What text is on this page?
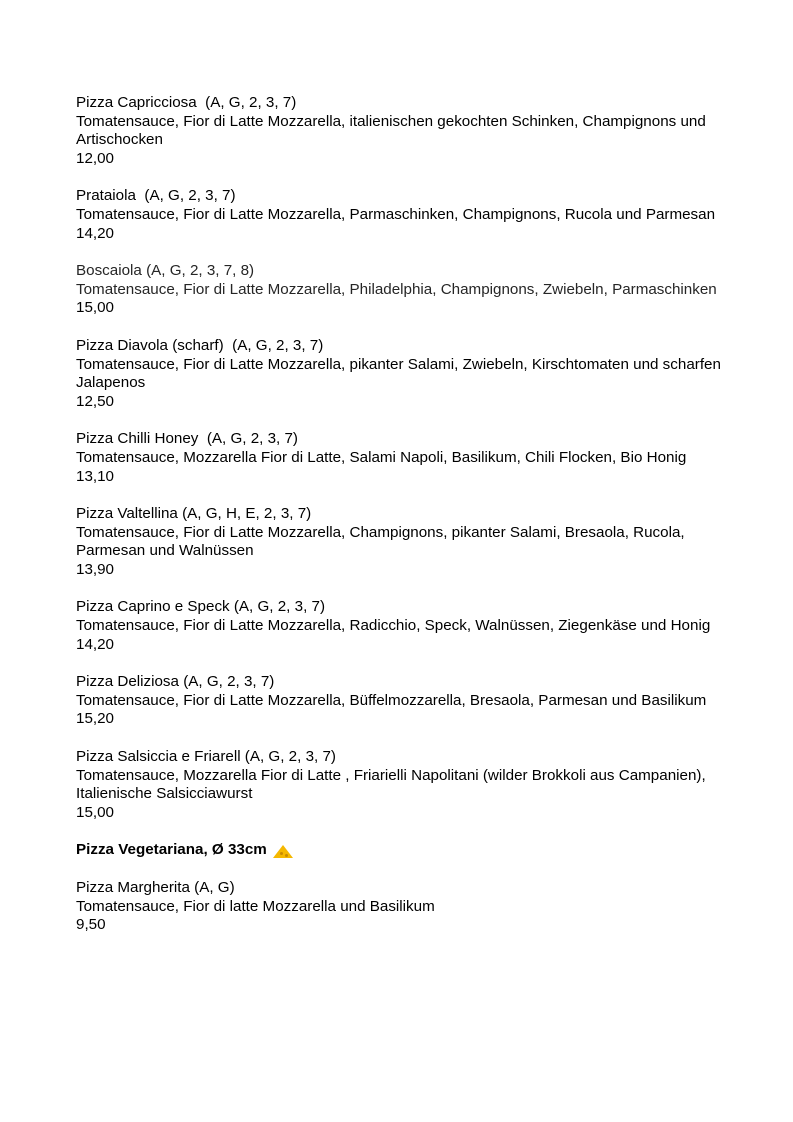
Pizza Capricciosa  (A, G, 2, 3, 7)
Tomatensauce, Fior di Latte Mozzarella, italienischen gekochten Schinken, Champignons und Artischocken
12,00
Prataiola  (A, G, 2, 3, 7)
Tomatensauce, Fior di Latte Mozzarella, Parmaschinken, Champignons, Rucola und Parmesan
14,20
Boscaiola (A, G, 2, 3, 7, 8)
Tomatensauce, Fior di Latte Mozzarella, Philadelphia, Champignons, Zwiebeln, Parmaschinken
15,00
Pizza Diavola (scharf)  (A, G, 2, 3, 7)
Tomatensauce, Fior di Latte Mozzarella, pikanter Salami, Zwiebeln, Kirschtomaten und scharfen Jalapenos
12,50
Pizza Chilli Honey  (A, G, 2, 3, 7)
Tomatensauce, Mozzarella Fior di Latte, Salami Napoli, Basilikum, Chili Flocken, Bio Honig
13,10
Pizza Valtellina (A, G, H, E, 2, 3, 7)
Tomatensauce, Fior di Latte Mozzarella, Champignons, pikanter Salami, Bresaola, Rucola, Parmesan und Walnüssen
13,90
Pizza Caprino e Speck (A, G, 2, 3, 7)
Tomatensauce, Fior di Latte Mozzarella, Radicchio, Speck, Walnüssen, Ziegenkäse und Honig
14,20
Pizza Deliziosa (A, G, 2, 3, 7)
Tomatensauce, Fior di Latte Mozzarella, Büffelmozzarella, Bresaola, Parmesan und Basilikum
15,20
Pizza Salsiccia e Friarell (A, G, 2, 3, 7)
Tomatensauce, Mozzarella Fior di Latte , Friarielli Napolitani (wilder Brokkoli aus Campanien), Italienische Salsicciawurst
15,00
Pizza Vegetariana, Ø 33cm
Pizza Margherita (A, G)
Tomatensauce, Fior di latte Mozzarella und Basilikum
9,50
